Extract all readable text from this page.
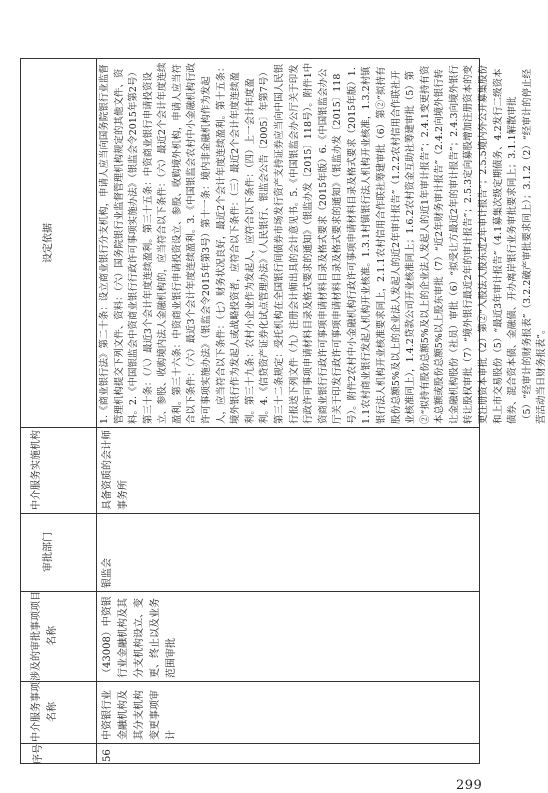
序号
中介服务事项名称
涉及的审批事项项目名称
审批部门
中介服务实施机构
设定依据
56
中资银行业金融机构及其分支机构变更事项审计
（43008）中资银行业金融机构及其分支机构设立、变更、终止以及业务范围审批
银监会
具备资质的会计师事务所
1.《商业银行法》第二十条：设立商业银行分支机构，申请人应当向国务院银行业监督管理机构提交下列文件、资料：（六）国务院银行业监督管理机构规定的其他文件、资料。2.《中国银监会中资商业银行行政许可事项实施办法》（银监会令2015年第2号）第三十条：（八）最近3个会计年度连续盈利。第三十五条：中资商业银行申请投资设立、参股、收购境内法人金融机构的，应当符合以下条件：（六）最近2个会计年度连续盈利。第三十六条：中资商业银行申请投资设立、参股、收购境外机构，申请人应当符合以下条件：（六）最近3个会计年度连续盈利。3.《中国银监会农村中小金融机构行政许可事项实施办法》（银监会令2015年第3号）第十一条：境内非金融机构作为发起人，应当符合以下条件：（七）财务状况良好，最近2个会计年度连续盈利。第十五条：境外银行作为发起人或战略投资者，应符合以下条件：（三）最近2个会计年度连续盈利。第三十九条：农村小企业作为发起人，应符合以下条件：（四）上一会计年度盈利。4.《信贷资产证券化试点管理办法》（人民银行、银监会公告〔2005〕年第7号）第三十二条规定：受托机构在全国银行间债券市场发行资产支持证券应当向中国人民银行报送下列文件（九）注册会计师出具的会计意见书。5.《中国银监会办公厅关于印发行政许可事项申请材料目录及格式要求的通知》（银监办发〔2015〕118号）。附件1中资商业银行行政许可事项申请材料目录及格式要求（2015年版）6.《中国银监会办公厅关于印发行政许可事项申请材料目录及格式要求的通知》（银监办发〔2015〕118号）。附件2农村中小金融机构行政许可事项申请材料目录及格式要求（2015年版）1.1.1农村商业银行发起人机构开业核准。1.3.1村镇银行法人机构开业核准，1.3.2村镇银行法人机构开业核准要求同上，2.1.1农村信用合作联社筹建审批（6）第②“拟持有股份总额5%及以上的企业法人发起人的近2年审计报告”（1.2.2农村信用合作联社开业核准同上），1.4.2贷款公司开业核准同上；1.6.2农村资金互助社筹建审批（5）第②“拟持有股份总额5%及以上的企业法人发起人的近1年审计报告”；2.4.1变更持有资本总额或股份总额5%以上股东审批（7）“近2年财务审计报告”（2.4.2向境外银行转让金融机构股份（社员）审批（6）“拟受让方最近2年的审计报告”；2.4.3向境外银行转让股权审批（7）“境外银行最近2年的审计报告”；2.5.3定向募股增加注册资本的变更注册资本审批（2）第②“入股法人股东近2年审计报告”；2.5.5境内外公开募集股份和上市交易股份（5）“最近3年审计报告”（4.1募集次级定期债务、4.2发行二级资本债券、混合资本债、金融债、开办离岸银行业务审批要求同上；3.1.1解散审批（5）“经审计的财务报表”（3.2.2破产审批要求同上）；3.1.2（2）“经审计的停止经营活动当日财务报表”。
299
